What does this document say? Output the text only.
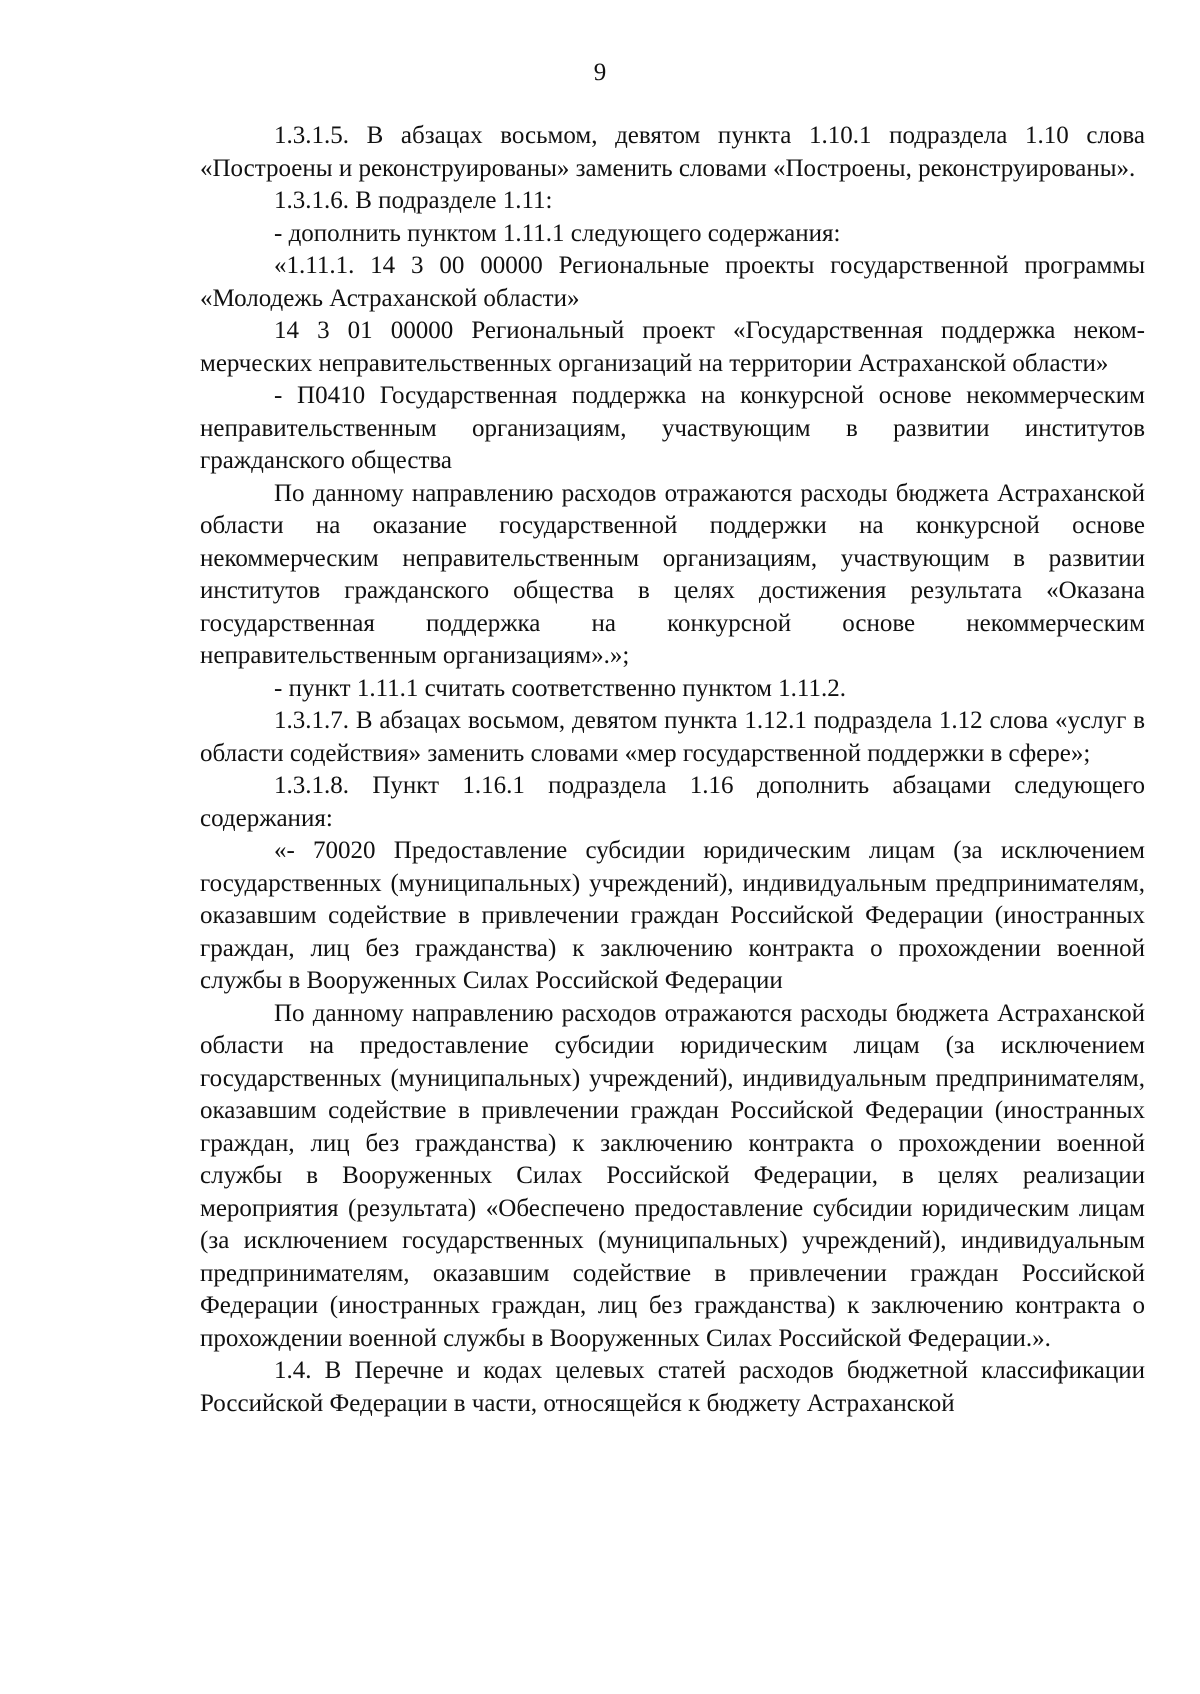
9

1.3.1.5. В абзацах восьмом, девятом пункта 1.10.1 подраздела 1.10 слова «Построены и реконструированы» заменить словами «Построены, реконструированы».

1.3.1.6. В подразделе 1.11:

- дополнить пунктом 1.11.1 следующего содержания:

«1.11.1. 14 3 00 00000 Региональные проекты государственной программы «Молодежь Астраханской области»

14 3 01 00000 Региональный проект «Государственная поддержка некоммерческих неправительственных организаций на территории Астраханской области»

- П0410 Государственная поддержка на конкурсной основе некоммерческим неправительственным организациям, участвующим в развитии институтов гражданского общества

По данному направлению расходов отражаются расходы бюджета Астраханской области на оказание государственной поддержки на конкурсной основе некоммерческим неправительственным организациям, участвующим в развитии институтов гражданского общества в целях достижения результата «Оказана государственная поддержка на конкурсной основе некоммерческим неправительственным организациям».»;

- пункт 1.11.1 считать соответственно пунктом 1.11.2.

1.3.1.7. В абзацах восьмом, девятом пункта 1.12.1 подраздела 1.12 слова «услуг в области содействия» заменить словами «мер государственной поддержки в сфере»;

1.3.1.8. Пункт 1.16.1 подраздела 1.16 дополнить абзацами следующего содержания:

«- 70020 Предоставление субсидии юридическим лицам (за исключением государственных (муниципальных) учреждений), индивидуальным предпринимателям, оказавшим содействие в привлечении граждан Российской Федерации (иностранных граждан, лиц без гражданства) к заключению контракта о прохождении военной службы в Вооруженных Силах Российской Федерации

По данному направлению расходов отражаются расходы бюджета Астраханской области на предоставление субсидии юридическим лицам (за исключением государственных (муниципальных) учреждений), индивидуальным предпринимателям, оказавшим содействие в привлечении граждан Российской Федерации (иностранных граждан, лиц без гражданства) к заключению контракта о прохождении военной службы в Вооруженных Силах Российской Федерации, в целях реализации мероприятия (результата) «Обеспечено предоставление субсидии юридическим лицам (за исключением государственных (муниципальных) учреждений), индивидуальным предпринимателям, оказавшим содействие в привлечении граждан Российской Федерации (иностранных граждан, лиц без гражданства) к заключению контракта о прохождении военной службы в Вооруженных Силах Российской Федерации.».

1.4. В Перечне и кодах целевых статей расходов бюджетной классификации Российской Федерации в части, относящейся к бюджету Астраханской
